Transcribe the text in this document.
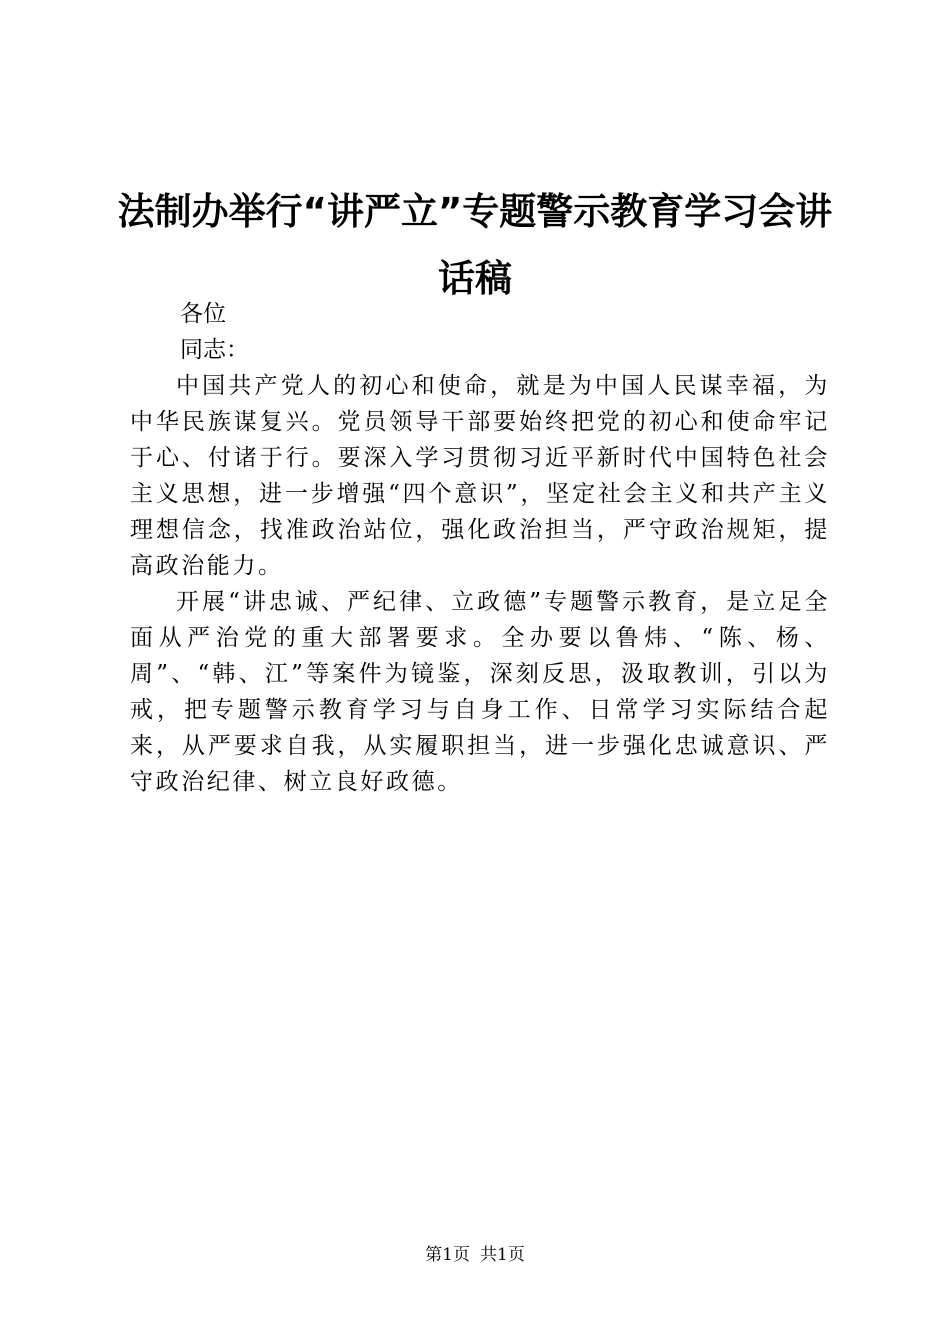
法制办举行“讲严立”专题警示教育学习会讲话稿

各位

同志：

中国共产党人的初心和使命，就是为中国人民谋幸福，为中华民族谋复兴。党员领导干部要始终把党的初心和使命牢记于心、付诸于行。要深入学习贯彻习近平新时代中国特色社会主义思想，进一步增强“四个意识”，坚定社会主义和共产主义理想信念，找准政治站位，强化政治担当，严守政治规矩，提高政治能力。

开展“讲忠诚、严纪律、立政德”专题警示教育，是立足全面从严治党的重大部署要求。全办要以鲁炜、“陈、杨、周”、“韩、江”等案件为镜鉴，深刻反思，汲取教训，引以为戒，把专题警示教育学习与自身工作、日常学习实际结合起来，从严要求自我，从实履职担当，进一步强化忠诚意识、严守政治纪律、树立良好政德。

第1页 共1页
